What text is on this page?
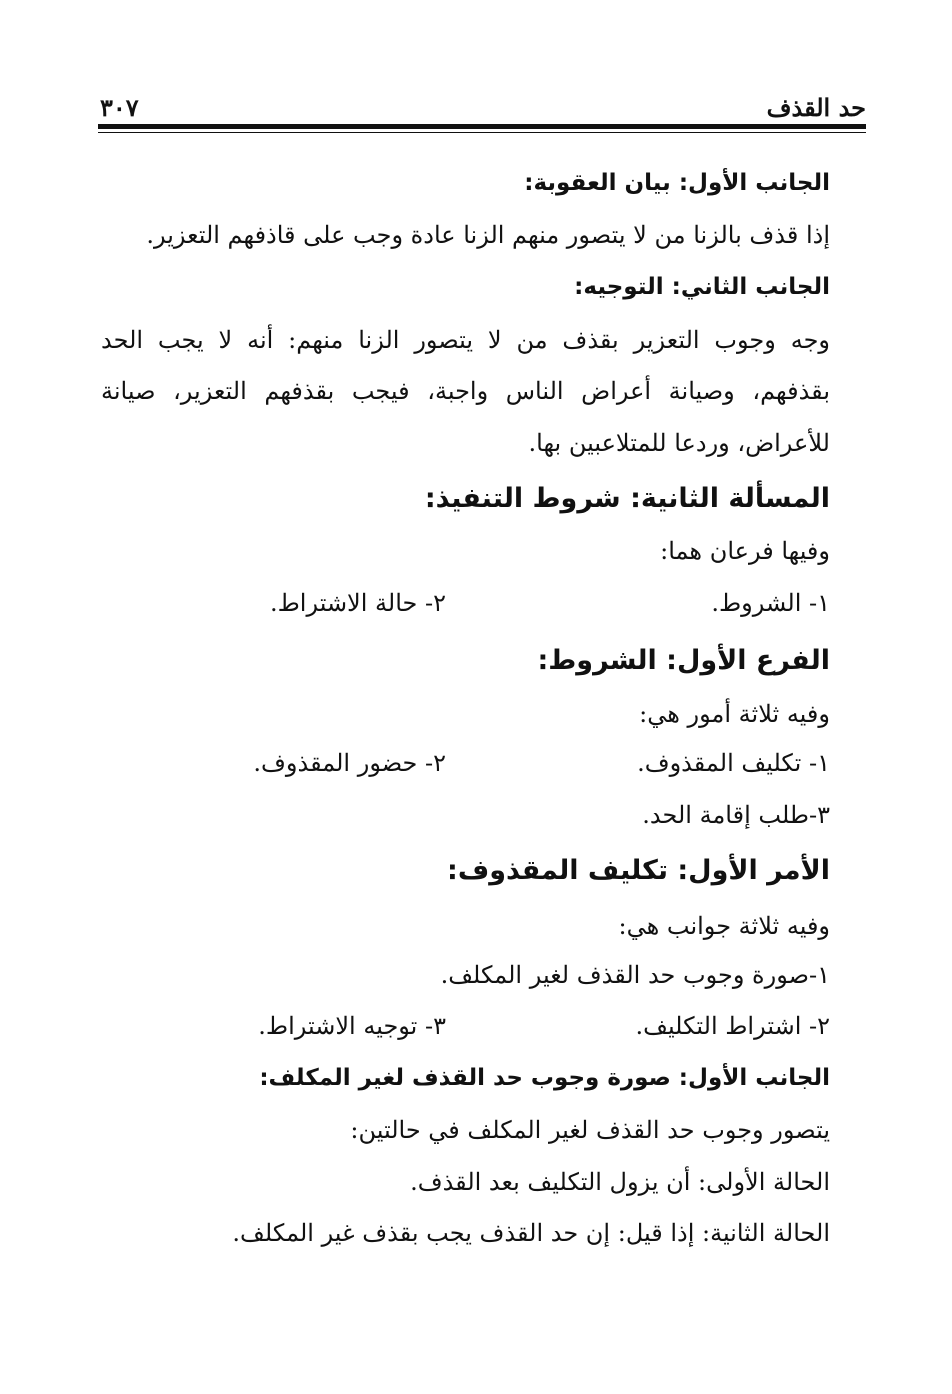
حد القذف
٣٠٧
الجانب الأول: بيان العقوبة:
إذا قذف بالزنا من لا يتصور منهم الزنا عادة وجب على قاذفهم التعزير.
الجانب الثاني: التوجيه:
وجه وجوب التعزير بقذف من لا يتصور الزنا منهم: أنه لا يجب الحد
بقذفهم، وصيانة أعراض الناس واجبة، فيجب بقذفهم التعزير، صيانة
للأعراض، وردعا للمتلاعبين بها.
المسألة الثانية: شروط التنفيذ:
وفيها فرعان هما:
١- الشروط.
٢- حالة الاشتراط.
الفرع الأول: الشروط:
وفيه ثلاثة أمور هي:
١- تكليف المقذوف.
٢- حضور المقذوف.
٣-طلب إقامة الحد.
الأمر الأول: تكليف المقذوف:
وفيه ثلاثة جوانب هي:
١-صورة وجوب حد القذف لغير المكلف.
٢- اشتراط التكليف.
٣- توجيه الاشتراط.
الجانب الأول: صورة وجوب حد القذف لغير المكلف:
يتصور وجوب حد القذف لغير المكلف في حالتين:
الحالة الأولى: أن يزول التكليف بعد القذف.
الحالة الثانية: إذا قيل: إن حد القذف يجب بقذف غير المكلف.
